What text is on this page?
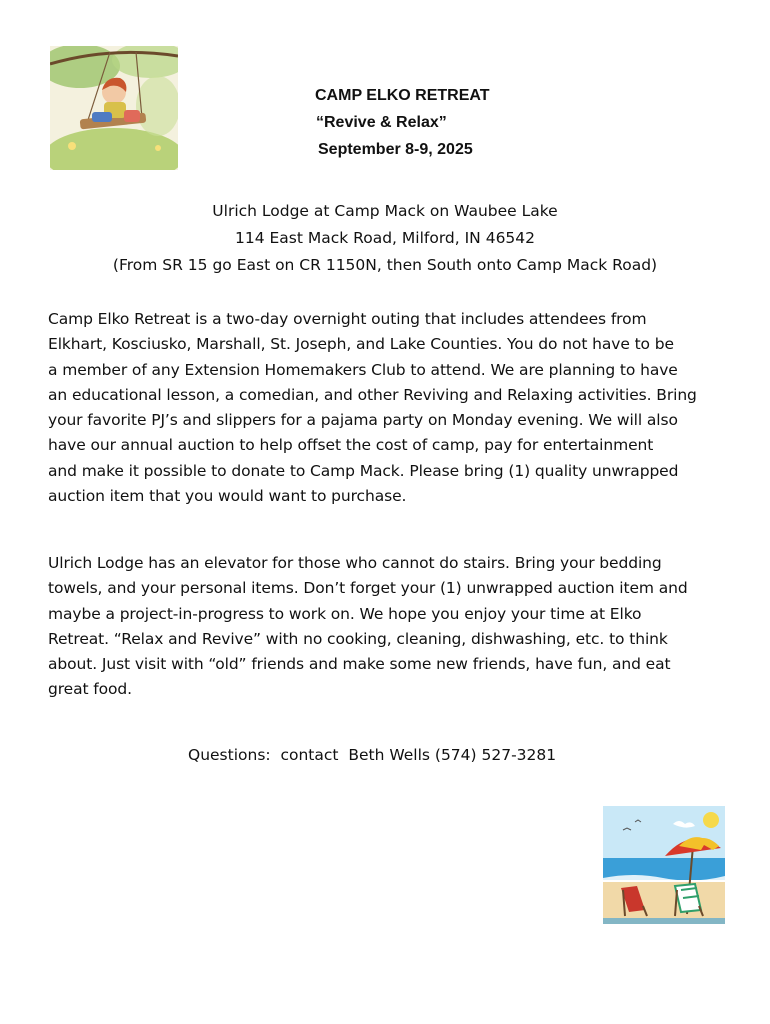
CAMP ELKO RETREAT
“Revive & Relax”
September 8-9, 2025
Ulrich Lodge at Camp Mack on Waubee Lake
114 East Mack Road, Milford, IN 46542
(From SR 15 go East on CR 1150N, then South onto Camp Mack Road)
Camp Elko Retreat is a two-day overnight outing that includes attendees from
Elkhart, Kosciusko, Marshall, St. Joseph, and Lake Counties. You do not have to be
a member of any Extension Homemakers Club to attend. We are planning to have
an educational lesson, a comedian, and other Reviving and Relaxing activities. Bring
your favorite PJ’s and slippers for a pajama party on Monday evening. We will also
have our annual auction to help offset the cost of camp, pay for entertainment
and make it possible to donate to Camp Mack. Please bring (1) quality unwrapped
auction item that you would want to purchase.
Ulrich Lodge has an elevator for those who cannot do stairs. Bring your bedding
towels, and your personal items. Don’t forget your (1) unwrapped auction item and
maybe a project-in-progress to work on. We hope you enjoy your time at Elko
Retreat. “Relax and Revive” with no cooking, cleaning, dishwashing, etc. to think
about. Just visit with “old” friends and make some new friends, have fun, and eat
great food.
Questions:  contact  Beth Wells (574) 527-3281
